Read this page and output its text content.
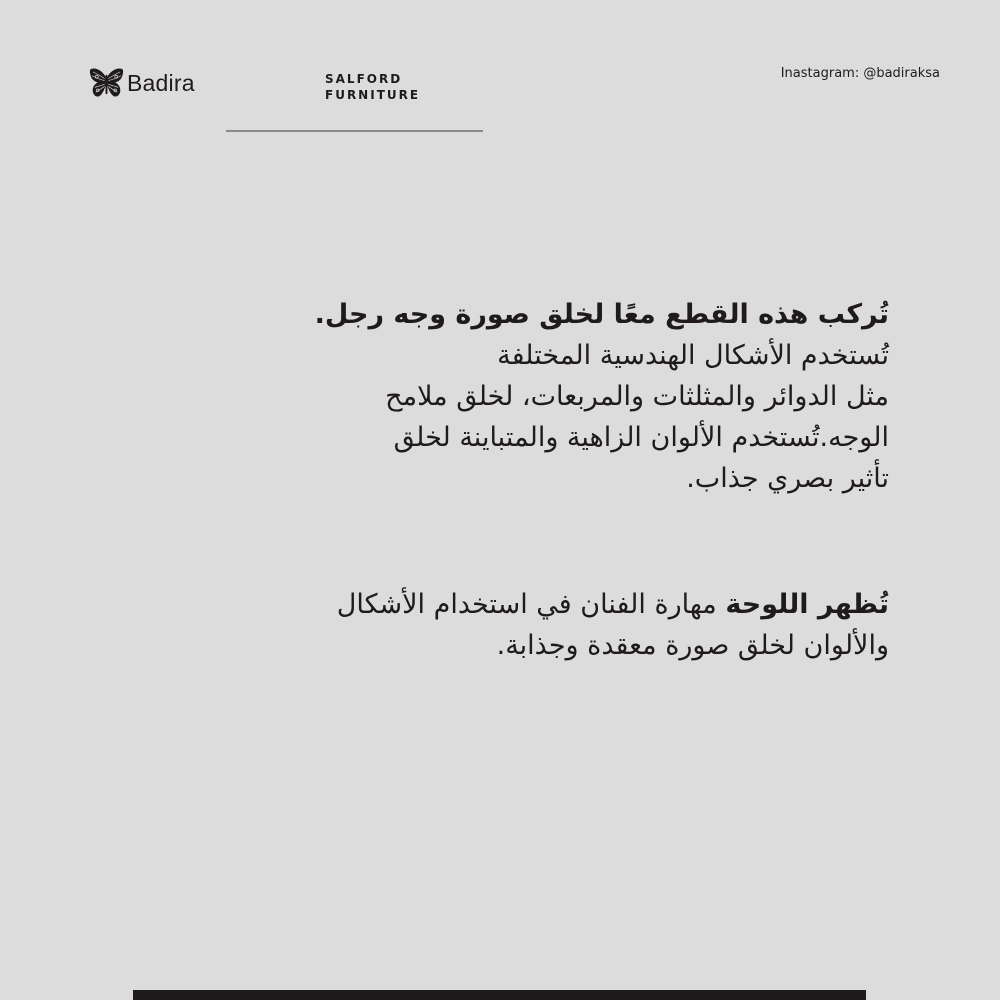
Badira	SALFORD
FURNITURE
Inastagram: @badiraksa
تُركب هذه القطع معًا لخلق صورة وجه رجل.
تُستخدم الأشكال الهندسية المختلفة
مثل الدوائر والمثلثات والمربعات، لخلق ملامح
الوجه.تُستخدم الألوان الزاهية والمتباينة لخلق
تأثير بصري جذاب.
تُظهر اللوحة مهارة الفنان في استخدام الأشكال
والألوان لخلق صورة معقدة وجذابة.
